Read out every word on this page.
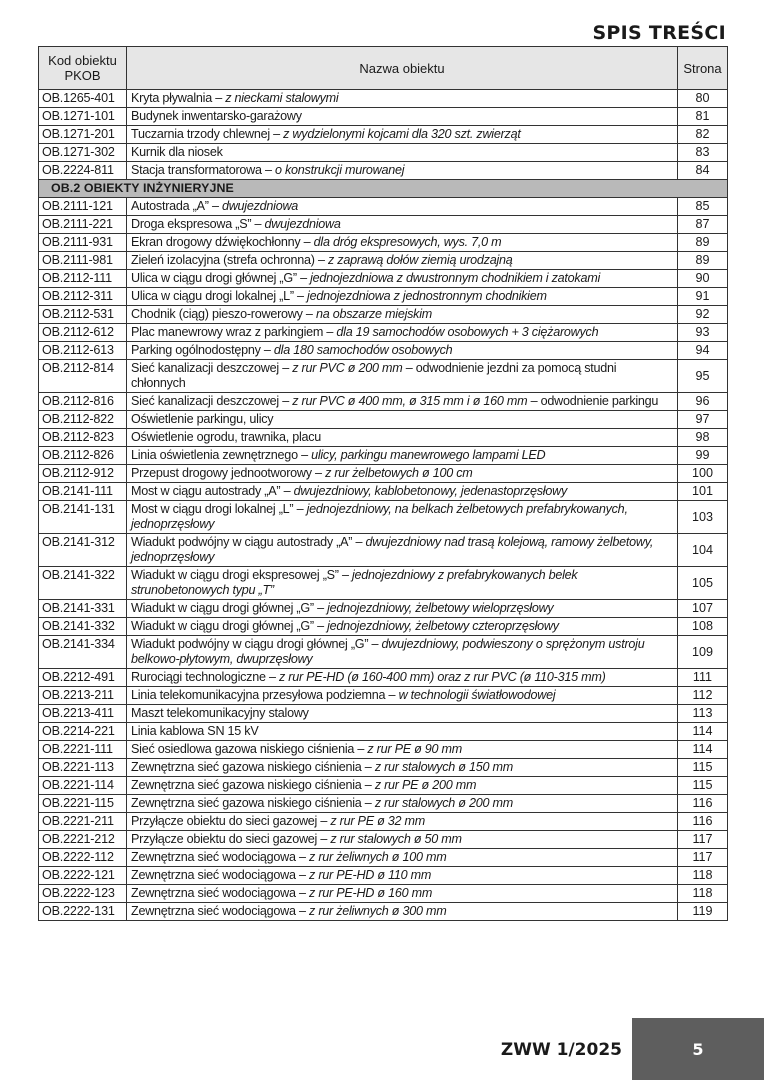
SPIS TREŚCI
Kod obiektu PKOB	Nazwa obiektu	Strona
OB.1265-401	Kryta pływalnia – z nieckami stalowymi	80
OB.1271-101	Budynek inwentarsko-garażowy	81
OB.1271-201	Tuczarnia trzody chlewnej – z wydzielonymi kojcami dla 320 szt. zwierząt	82
OB.1271-302	Kurnik dla niosek	83
OB.2224-811	Stacja transformatorowa – o konstrukcji murowanej	84
OB.2 OBIEKTY INŻYNIERYJNE		
OB.2111-121	Autostrada „A” – dwujezdniowa	85
OB.2111-221	Droga ekspresowa „S” – dwujezdniowa	87
OB.2111-931	Ekran drogowy dźwiękochłonny – dla dróg ekspresowych, wys. 7,0 m	89
OB.2111-981	Zieleń izolacyjna (strefa ochronna) – z zaprawą dołów ziemią urodzajną	89
OB.2112-111	Ulica w ciągu drogi głównej „G” – jednojezdniowa z dwustronnym chodnikiem i zatokami	90
OB.2112-311	Ulica w ciągu drogi lokalnej „L” – jednojezdniowa z jednostronnym chodnikiem	91
OB.2112-531	Chodnik (ciąg) pieszo-rowerowy – na obszarze miejskim	92
OB.2112-612	Plac manewrowy wraz z parkingiem – dla 19 samochodów osobowych + 3 ciężarowych	93
OB.2112-613	Parking ogólnodostępny – dla 180 samochodów osobowych	94
OB.2112-814	Sieć kanalizacji deszczowej – z rur PVC ø 200 mm – odwodnienie jezdni za pomocą studni chłonnych	95
OB.2112-816	Sieć kanalizacji deszczowej – z rur PVC ø 400 mm, ø 315 mm i ø 160 mm – odwodnienie parkingu	96
OB.2112-822	Oświetlenie parkingu, ulicy	97
OB.2112-823	Oświetlenie ogrodu, trawnika, placu	98
OB.2112-826	Linia oświetlenia zewnętrznego – ulicy, parkingu manewrowego lampami LED	99
OB.2112-912	Przepust drogowy jednootworowy – z rur żelbetowych ø 100 cm	100
OB.2141-111	Most w ciągu autostrady „A” – dwujezdniowy, kablobetonowy, jedenastoprzęsłowy	101
OB.2141-131	Most w ciągu drogi lokalnej „L” – jednojezdniowy, na belkach żelbetowych prefabrykowanych, jednoprzęsłowy	103
OB.2141-312	Wiadukt podwójny w ciągu autostrady „A” – dwujezdniowy nad trasą kolejową, ramowy żelbetowy, jednoprzęsłowy	104
OB.2141-322	Wiadukt w ciągu drogi ekspresowej „S” – jednojezdniowy z prefabrykowanych belek strunobetonowych typu „T”	105
OB.2141-331	Wiadukt w ciągu drogi głównej „G” – jednojezdniowy, żelbetowy wieloprzęsłowy	107
OB.2141-332	Wiadukt w ciągu drogi głównej „G” – jednojezdniowy, żelbetowy czteroprzęsłowy	108
OB.2141-334	Wiadukt podwójny w ciągu drogi głównej „G” – dwujezdniowy, podwieszony o sprężonym ustroju belkowo-płytowym, dwuprzęsłowy	109
OB.2212-491	Rurociągi technologiczne – z rur PE-HD (ø 160-400 mm) oraz z rur PVC (ø 110-315 mm)	111
OB.2213-211	Linia telekomunikacyjna przesyłowa podziemna – w technologii światłowodowej	112
OB.2213-411	Maszt telekomunikacyjny stalowy	113
OB.2214-221	Linia kablowa SN 15 kV	114
OB.2221-111	Sieć osiedlowa gazowa niskiego ciśnienia – z rur PE ø 90 mm	114
OB.2221-113	Zewnętrzna sieć gazowa niskiego ciśnienia – z rur stalowych ø 150 mm	115
OB.2221-114	Zewnętrzna sieć gazowa niskiego ciśnienia – z rur PE ø 200 mm	115
OB.2221-115	Zewnętrzna sieć gazowa niskiego ciśnienia – z rur stalowych ø 200 mm	116
OB.2221-211	Przyłącze obiektu do sieci gazowej – z rur PE ø 32 mm	116
OB.2221-212	Przyłącze obiektu do sieci gazowej – z rur stalowych ø 50 mm	117
OB.2222-112	Zewnętrzna sieć wodociągowa – z rur żeliwnych ø 100 mm	117
OB.2222-121	Zewnętrzna sieć wodociągowa – z rur PE-HD ø 110 mm	118
OB.2222-123	Zewnętrzna sieć wodociągowa – z rur PE-HD ø 160 mm	118
OB.2222-131	Zewnętrzna sieć wodociągowa – z rur żeliwnych ø 300 mm	119
ZWW 1/2025	5
